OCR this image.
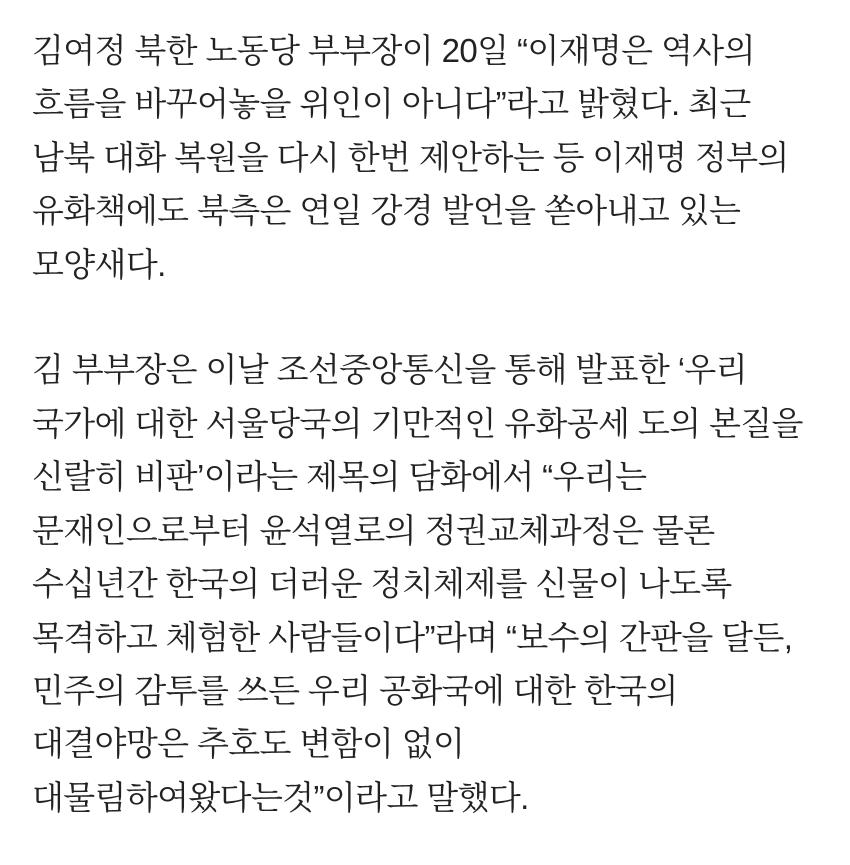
김여정 북한 노동당 부부장이 20일 “이재명은 역사의 흐름을 바꾸어놓을 위인이 아니다”라고 밝혔다. 최근 남북 대화 복원을 다시 한번 제안하는 등 이재명 정부의 유화책에도 북측은 연일 강경 발언을 쏟아내고 있는 모양새다.

김 부부장은 이날 조선중앙통신을 통해 발표한 ‘우리 국가에 대한 서울당국의 기만적인 유화공세 도의 본질을 신랄히 비판’이라는 제목의 담화에서 “우리는 문재인으로부터 윤석열로의 정권교체과정은 물론 수십년간 한국의 더러운 정치체제를 신물이 나도록 목격하고 체험한 사람들이다”라며 “보수의 간판을 달든, 민주의 감투를 쓰든 우리 공화국에 대한 한국의 대결야망은 추호도 변함이 없이 대물림하여왔다는것”이라고 말했다.
